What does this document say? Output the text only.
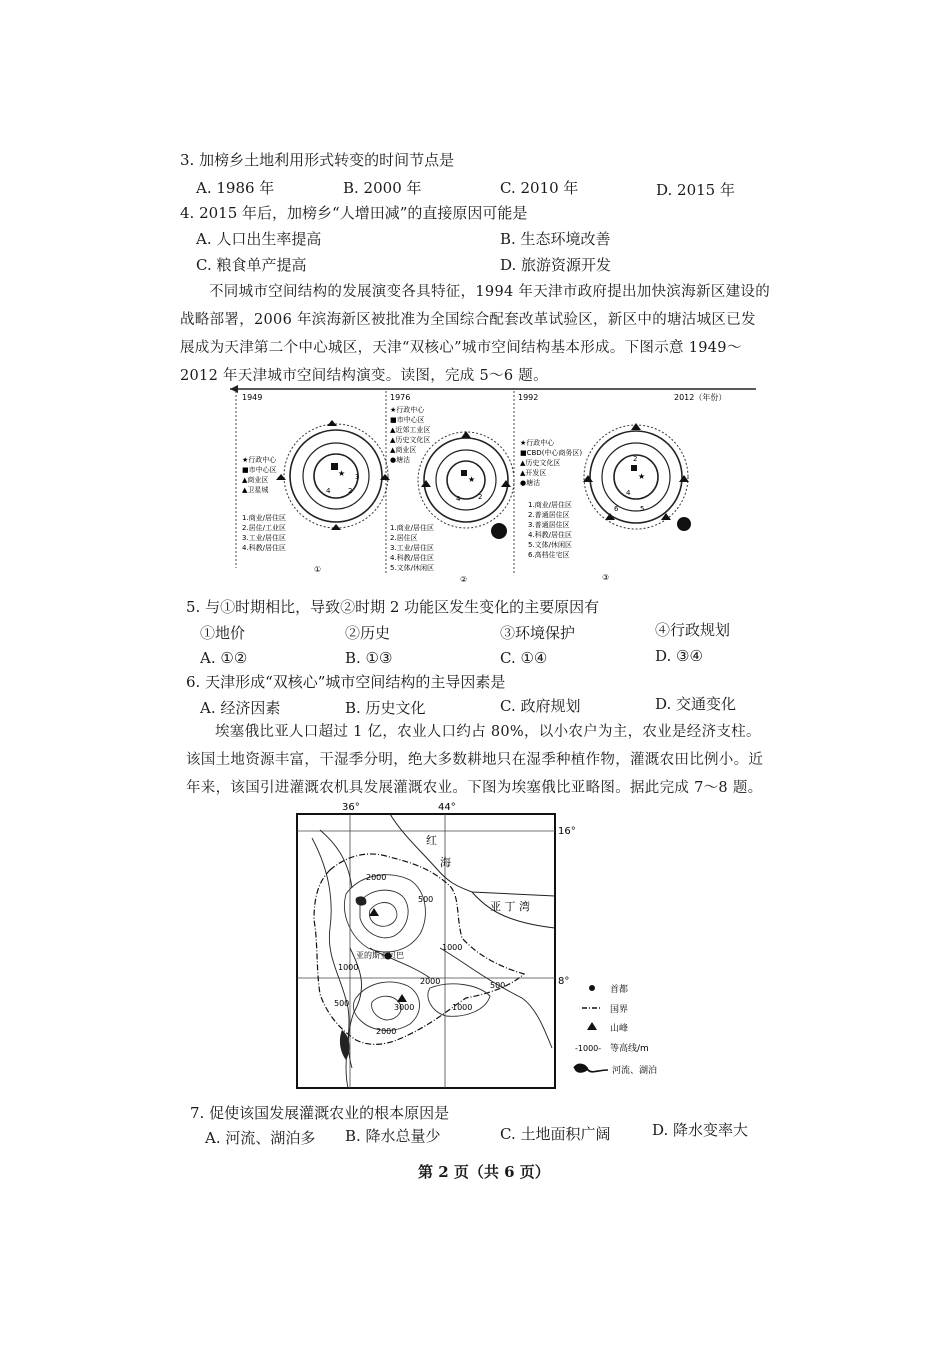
3. 加榜乡土地利用形式转变的时间节点是
A. 1986 年	B. 2000 年	C. 2010 年	D. 2015 年
4. 2015 年后，加榜乡“人增田减”的直接原因可能是
A. 人口出生率提高	B. 生态环境改善
C. 粮食单产提高	D. 旅游资源开发
不同城市空间结构的发展演变各具特征，1994 年天津市政府提出加快滨海新区建设的战略部署，2006 年滨海新区被批准为全国综合配套改革试验区，新区中的塘沽城区已发展成为天津第二个中心城区，天津“双核心”城市空间结构基本形成。下图示意 1949～2012 年天津城市空间结构演变。读图，完成 5～6 题。
1949	1976	1992	2012（年份）
★行政中心
■市中心区
▲商业区
▲卫星城
1.商业/居住区
2.居住/工业区
3.工业/居住区
4.科教/居住区
★
4	2
3
①
★行政中心
■市中心区
▲近郊工业区
▲历史文化区
▲商业区
●塘沽
1.商业/居住区
2.居住区
3.工业/居住区
4.科教/居住区
5.文体/休闲区
★
4	2
②
★行政中心
■CBD(中心商务区)
▲历史文化区
▲开发区
●塘沽
1.商业/居住区
2.普通居住区
3.普通居住区
4.科教/居住区
5.文体/休闲区
6.高档住宅区
★
2
4
6	5
③
5. 与①时期相比，导致②时期 2 功能区发生变化的主要原因有
①地价	②历史	③环境保护	④行政规划
A. ①②	B. ①③	C. ①④	D. ③④
6. 天津形成“双核心”城市空间结构的主导因素是
A. 经济因素	B. 历史文化	C. 政府规划	D. 交通变化
埃塞俄比亚人口超过 1 亿，农业人口约占 80%，以小农户为主，农业是经济支柱。该国土地资源丰富，干湿季分明，绝大多数耕地只在湿季种植作物，灌溉农田比例小。近年来，该国引进灌溉农机具发展灌溉农业。下图为埃塞俄比亚略图。据此完成 7～8 题。
36°	44°
16°
8°
红
海
亚 丁 湾
亚的斯亚贝巴
2000
500
1000
1000
2000	500
2000
3000	1000
500
首都
国界
山峰
-1000- 等高线/m
河流、湖泊
7. 促使该国发展灌溉农业的根本原因是
A. 河流、湖泊多 B. 降水总量少	C. 土地面积广阔	D. 降水变率大
第 2 页（共 6 页）
